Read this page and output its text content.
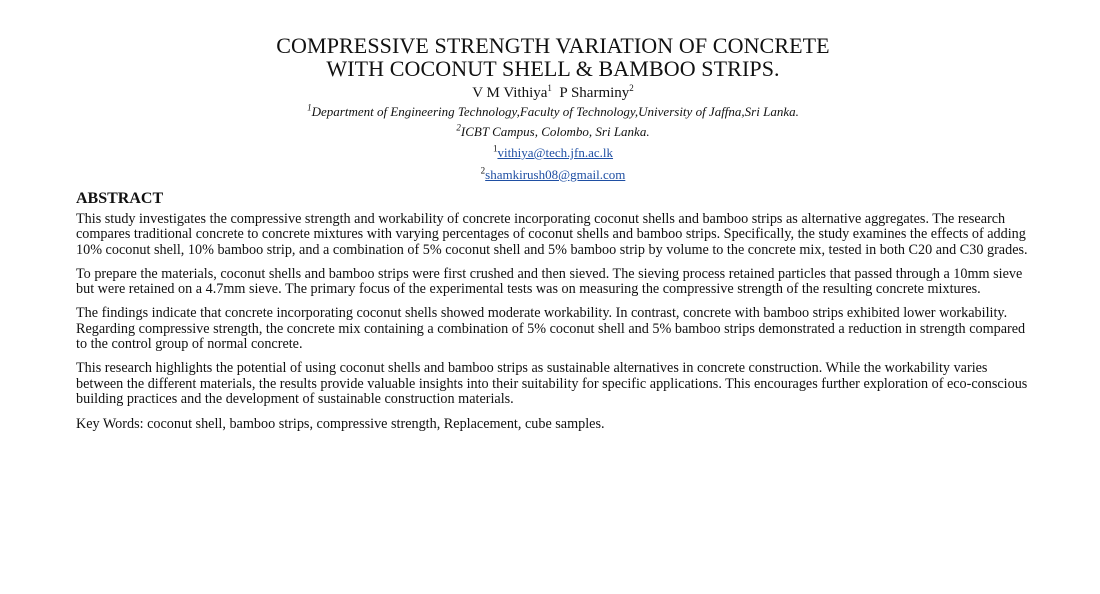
COMPRESSIVE STRENGTH VARIATION OF CONCRETE
WITH COCONUT SHELL & BAMBOO STRIPS.
V M Vithiya$^1$ P Sharminy$^2$
$^1$Department of Engineering Technology,Faculty of Technology,University of Jaffna,Sri Lanka.
$^2$ICBT Campus, Colombo, Sri Lanka.
$^1$vithiya@tech.jfn.ac.lk
$^2$shamkirush08@gmail.com
ABSTRACT

This study investigates the compressive strength and workability of concrete incorporating coconut shells and bamboo strips as alternative aggregates. The research compares traditional concrete to concrete mixtures with varying percentages of coconut shells and bamboo strips. Specifically, the study examines the effects of adding 10% coconut shell, 10% bamboo strip, and a combination of 5% coconut shell and 5% bamboo strip by volume to the concrete mix, tested in both C20 and C30 grades.

To prepare the materials, coconut shells and bamboo strips were first crushed and then sieved. The sieving process retained particles that passed through a 10mm sieve but were retained on a 4.7mm sieve. The primary focus of the experimental tests was on measuring the compressive strength of the resulting concrete mixtures.

The findings indicate that concrete incorporating coconut shells showed moderate workability. In contrast, concrete with bamboo strips exhibited lower workability. Regarding compressive strength, the concrete mix containing a combination of 5% coconut shell and 5% bamboo strips demonstrated a reduction in strength compared to the control group of normal concrete.

This research highlights the potential of using coconut shells and bamboo strips as sustainable alternatives in concrete construction. While the workability varies between the different materials, the results provide valuable insights into their suitability for specific applications. This encourages further exploration of eco-conscious building practices and the development of sustainable construction materials.

Key Words: coconut shell, bamboo strips, compressive strength, Replacement, cube samples.
